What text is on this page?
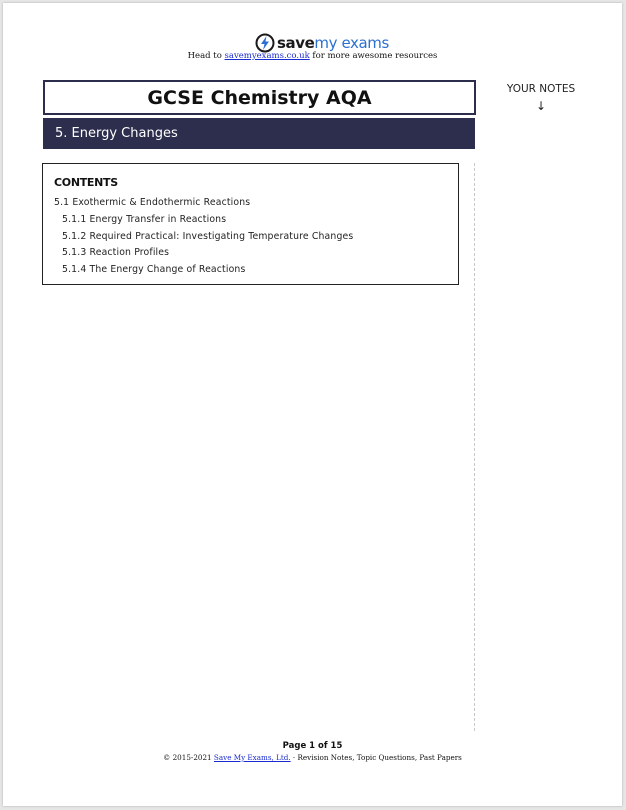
savemy exams
Head to savemyexams.co.uk for more awesome resources
GCSE Chemistry AQA	YOUR NOTES
↓
5. Energy Changes
CONTENTS
5.1 Exothermic & Endothermic Reactions
5.1.1 Energy Transfer in Reactions
5.1.2 Required Practical: Investigating Temperature Changes
5.1.3 Reaction Profiles
5.1.4 The Energy Change of Reactions
Page 1 of 15
© 2015-2021 Save My Exams, Ltd. · Revision Notes, Topic Questions, Past Papers
